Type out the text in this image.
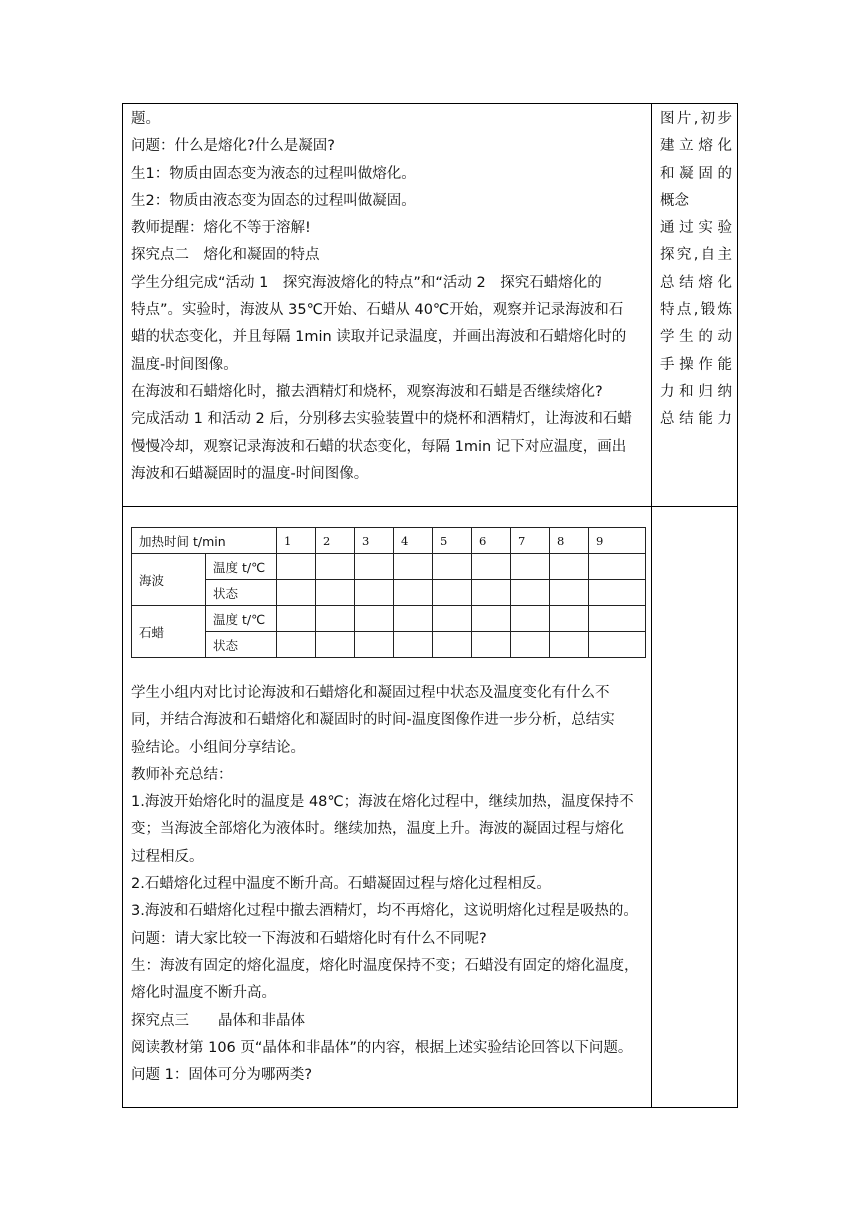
题。

问题：什么是熔化?什么是凝固?

生1：物质由固态变为液态的过程叫做熔化。

生2：物质由液态变为固态的过程叫做凝固。

教师提醒：熔化不等于溶解!

探究点二　熔化和凝固的特点

学生分组完成“活动 1　探究海波熔化的特点”和“活动 2　探究石蜡熔化的

特点”。实验时，海波从 35℃开始、石蜡从 40℃开始，观察并记录海波和石

蜡的状态变化，并且每隔 1min 读取并记录温度，并画出海波和石蜡熔化时的

温度-时间图像。

在海波和石蜡熔化时，撤去酒精灯和烧杯，观察海波和石蜡是否继续熔化?

完成活动 1 和活动 2 后，分别移去实验装置中的烧杯和酒精灯，让海波和石蜡

慢慢冷却，观察记录海波和石蜡的状态变化，每隔 1min 记下对应温度，画出

海波和石蜡凝固时的温度-时间图像。

图片,初步

建立熔化

和凝固的

概念

通过实验

探究,自主

总结熔化

特点,锻炼

学生的动

手操作能

力和归纳

总结能力

加热时间 t/min		1	2	3	4	5	6	7	8	9
海波	温度 t/℃									
	状态									
石蜡	温度 t/℃									
	状态									

学生小组内对比讨论海波和石蜡熔化和凝固过程中状态及温度变化有什么不

同，并结合海波和石蜡熔化和凝固时的时间-温度图像作进一步分析，总结实

验结论。小组间分享结论。

教师补充总结：

1.海波开始熔化时的温度是 48℃；海波在熔化过程中，继续加热，温度保持不

变；当海波全部熔化为液体时。继续加热，温度上升。海波的凝固过程与熔化

过程相反。

2.石蜡熔化过程中温度不断升高。石蜡凝固过程与熔化过程相反。

3.海波和石蜡熔化过程中撤去酒精灯，均不再熔化，这说明熔化过程是吸热的。

问题：请大家比较一下海波和石蜡熔化时有什么不同呢?

生：海波有固定的熔化温度，熔化时温度保持不变；石蜡没有固定的熔化温度，

熔化时温度不断升高。

探究点三　　晶体和非晶体

阅读教材第 106 页“晶体和非晶体”的内容，根据上述实验结论回答以下问题。

问题 1：固体可分为哪两类?
